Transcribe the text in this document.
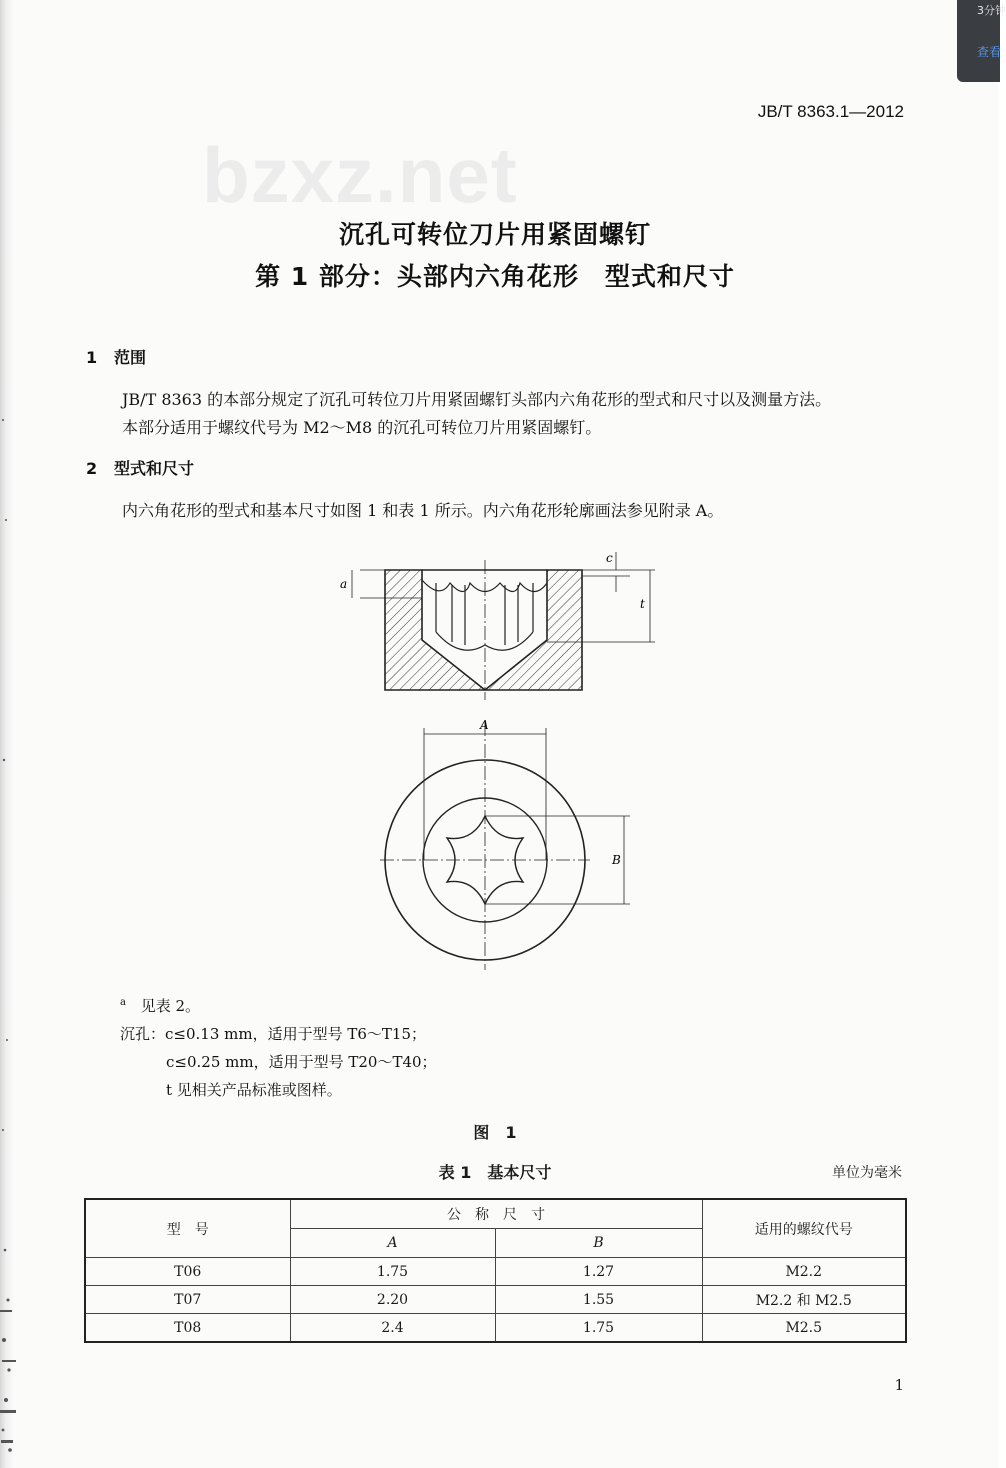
JB/T 8363.1—2012
bzxz.net
沉孔可转位刀片用紧固螺钉
第 1 部分：头部内六角花形　型式和尺寸
1 范围
JB/T 8363 的本部分规定了沉孔可转位刀片用紧固螺钉头部内六角花形的型式和尺寸以及测量方法。
本部分适用于螺纹代号为 M2～M8 的沉孔可转位刀片用紧固螺钉。
2 型式和尺寸
内六角花形的型式和基本尺寸如图 1 和表 1 所示。内六角花形轮廓画法参见附录 A。
a
c
t
A
B
$^a$ 见表 2。
沉孔：c≤0.13 mm，适用于型号 T6～T15；
c≤0.25 mm，适用于型号 T20～T40；
t 见相关产品标准或图样。
图　1
表 1　基本尺寸	单位为毫米
型　号	公　称　尺　寸		适用的螺纹代号
	A	B	
T06	1.75	1.27	M2.2
T07	2.20	1.55	M2.2 和 M2.5
T08	2.4	1.75	M2.5
1
3分钟
查看
